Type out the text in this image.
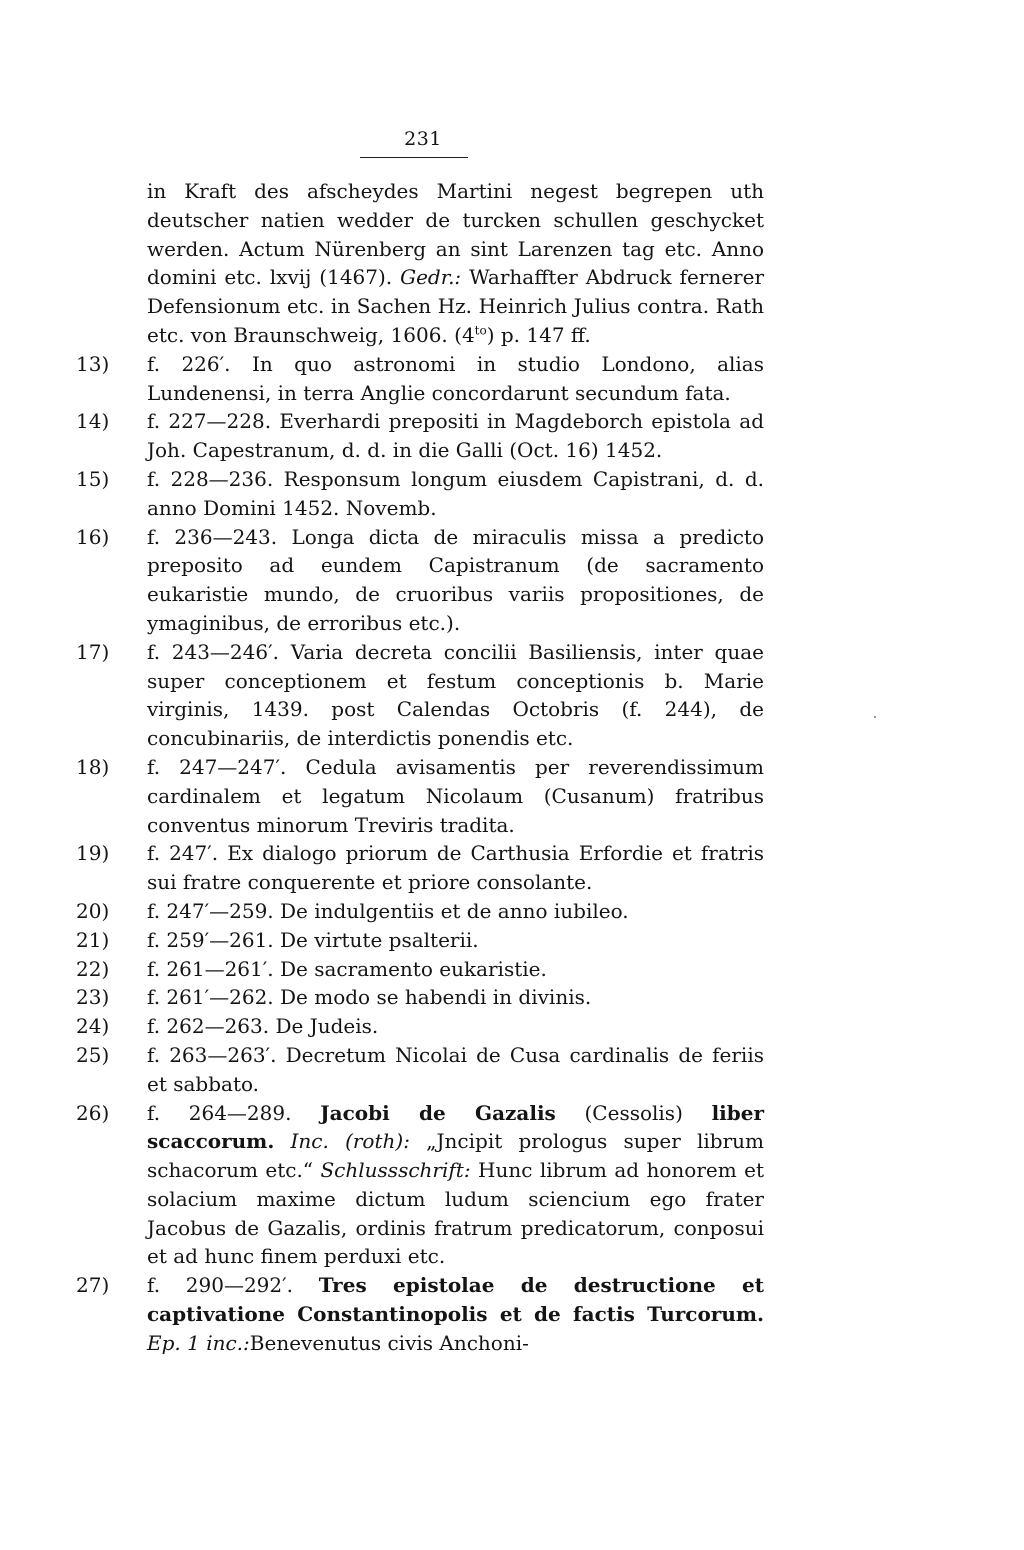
231
in Kraft des afscheydes Martini negest begrepen uth deutscher natien wedder de turcken schullen geschycket werden. Actum Nürenberg an sint Larenzen tag etc. Anno domini etc. lxvij (1467). Gedr.: Warhaffter Abdruck fernerer Defensionum etc. in Sachen Hz. Heinrich Julius contra. Rath etc. von Braunschweig, 1606. $(4^{to})$ p. 147 ff.
13) f. 226′. In quo astronomi in studio Londono, alias Lundenensi, in terra Anglie concordarunt secundum fata.
14) f. 227—228. Everhardi prepositi in Magdeborch epistola ad Joh. Capestranum, d. d. in die Galli (Oct. 16) 1452.
15) f. 228—236. Responsum longum eiusdem Capistrani, d. d. anno Domini 1452. Novemb.
16) f. 236—243. Longa dicta de miraculis missa a predicto preposito ad eundem Capistranum (de sacramento eukaristie mundo, de cruoribus variis propositiones, de ymaginibus, de erroribus etc.).
17) f. 243—246′. Varia decreta concilii Basiliensis, inter quae super conceptionem et festum conceptionis b. Marie virginis, 1439. post Calendas Octobris (f. 244), de concubinariis, de interdictis ponendis etc.
18) f. 247—247′. Cedula avisamentis per reverendissimum cardinalem et legatum Nicolaum (Cusanum) fratribus conventus minorum Treviris tradita.
19) f. 247′. Ex dialogo priorum de Carthusia Erfordie et fratris sui fratre conquerente et priore consolante.
20) f. 247′—259. De indulgentiis et de anno iubileo.
21) f. 259′—261. De virtute psalterii.
22) f. 261—261′. De sacramento eukaristie.
23) f. 261′—262. De modo se habendi in divinis.
24) f. 262—263. De Judeis.
25) f. 263—263′. Decretum Nicolai de Cusa cardinalis de feriis et sabbato.
26) f. 264—289. Jacobi de Gazalis (Cessolis) liber scaccorum. Inc. (roth): „Jncipit prologus super librum schacorum etc.“ Schlussschrift: Hunc librum ad honorem et solacium maxime dictum ludum sciencium ego frater Jacobus de Gazalis, ordinis fratrum predicatorum, conposui et ad hunc finem perduxi etc.
27) f. 290—292′. Tres epistolae de destructione et captivatione Constantinopolis et de factis Turcorum. Ep. 1 inc.:Benevenutus civis Anchoni-
